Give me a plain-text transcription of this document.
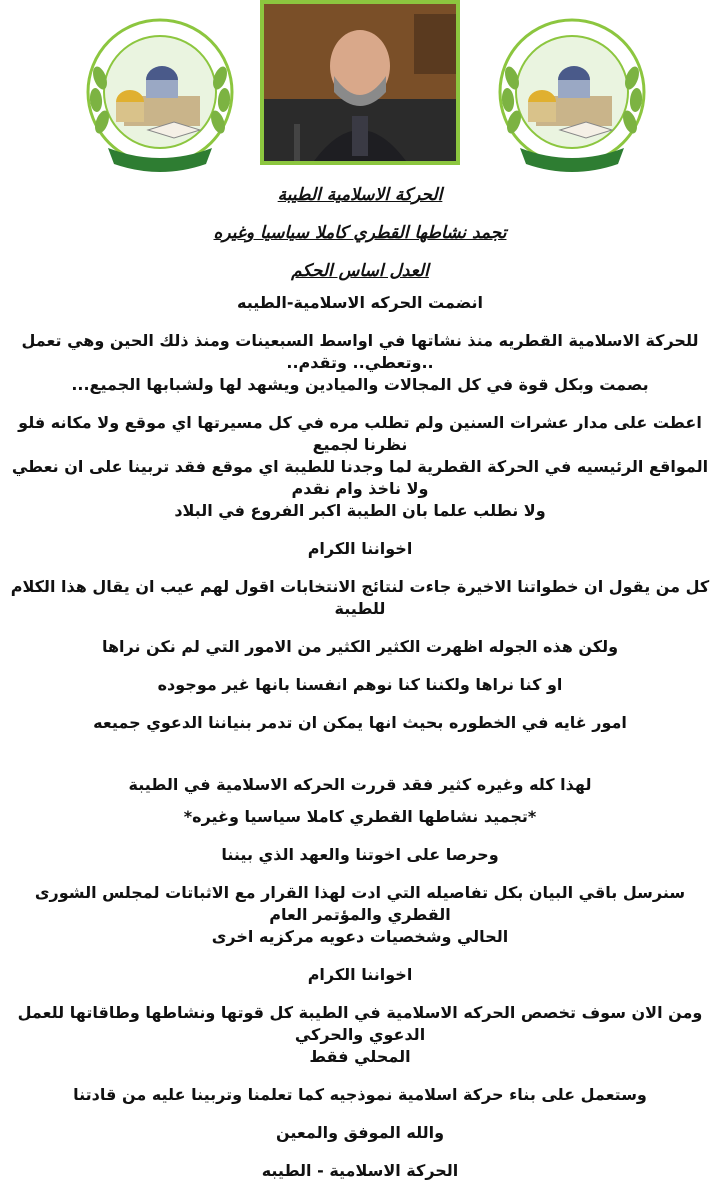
الحركة الاسلامية الطيبة

تجمد نشاطها القطري كاملا سياسيا وغيره

العدل اساس الحكم

انضمت الحركه الاسلامية-الطيبه

للحركة الاسلامية القطريه منذ نشاتها في اواسط السبعينات ومنذ ذلك الحين وهي تعمل ..وتعطي.. وتقدم..

بصمت وبكل قوة في كل المجالات والميادين ويشهد لها ولشبابها الجميع...

اعطت على مدار عشرات السنين ولم تطلب مره في كل مسيرتها اي موقع ولا مكانه فلو نظرنا لجميع

المواقع الرئيسيه في الحركة القطرية لما وجدنا للطيبة اي موقع فقد تربينا على ان نعطي ولا ناخذ وام نقدم

ولا نطلب علما بان الطيبة اكبر الفروع في البلاد

اخواننا الكرام

كل من يقول ان خطواتنا الاخيرة جاءت لنتائج الانتخابات اقول لهم عيب ان يقال هذا الكلام للطيبة

ولكن هذه الجوله اظهرت الكثير الكثير من الامور التي لم نكن نراها

او كنا نراها ولكننا كنا نوهم انفسنا بانها غير موجوده

امور غايه في الخطوره بحيث انها يمكن ان تدمر بنياننا الدعوي جميعه

لهذا كله وغيره كثير فقد قررت الحركه الاسلامية في الطيبة

*تجميد نشاطها القطري كاملا سياسيا وغيره*

وحرصا على اخوتنا والعهد الذي بيننا

سنرسل باقي البيان بكل تفاصيله التي ادت لهذا القرار مع الاثباتات لمجلس الشورى القطري والمؤتمر العام

الحالي وشخصيات دعويه مركزيه اخرى

اخواننا الكرام

ومن الان سوف تخصص الحركه الاسلامية في الطيبة كل قوتها ونشاطها وطاقاتها للعمل الدعوي والحركي

المحلي فقط

وستعمل على بناء حركة اسلامية نموذجيه كما تعلمنا وتربينا عليه من قادتنا

والله الموفق والمعين

الحركة الاسلامية - الطيبه
